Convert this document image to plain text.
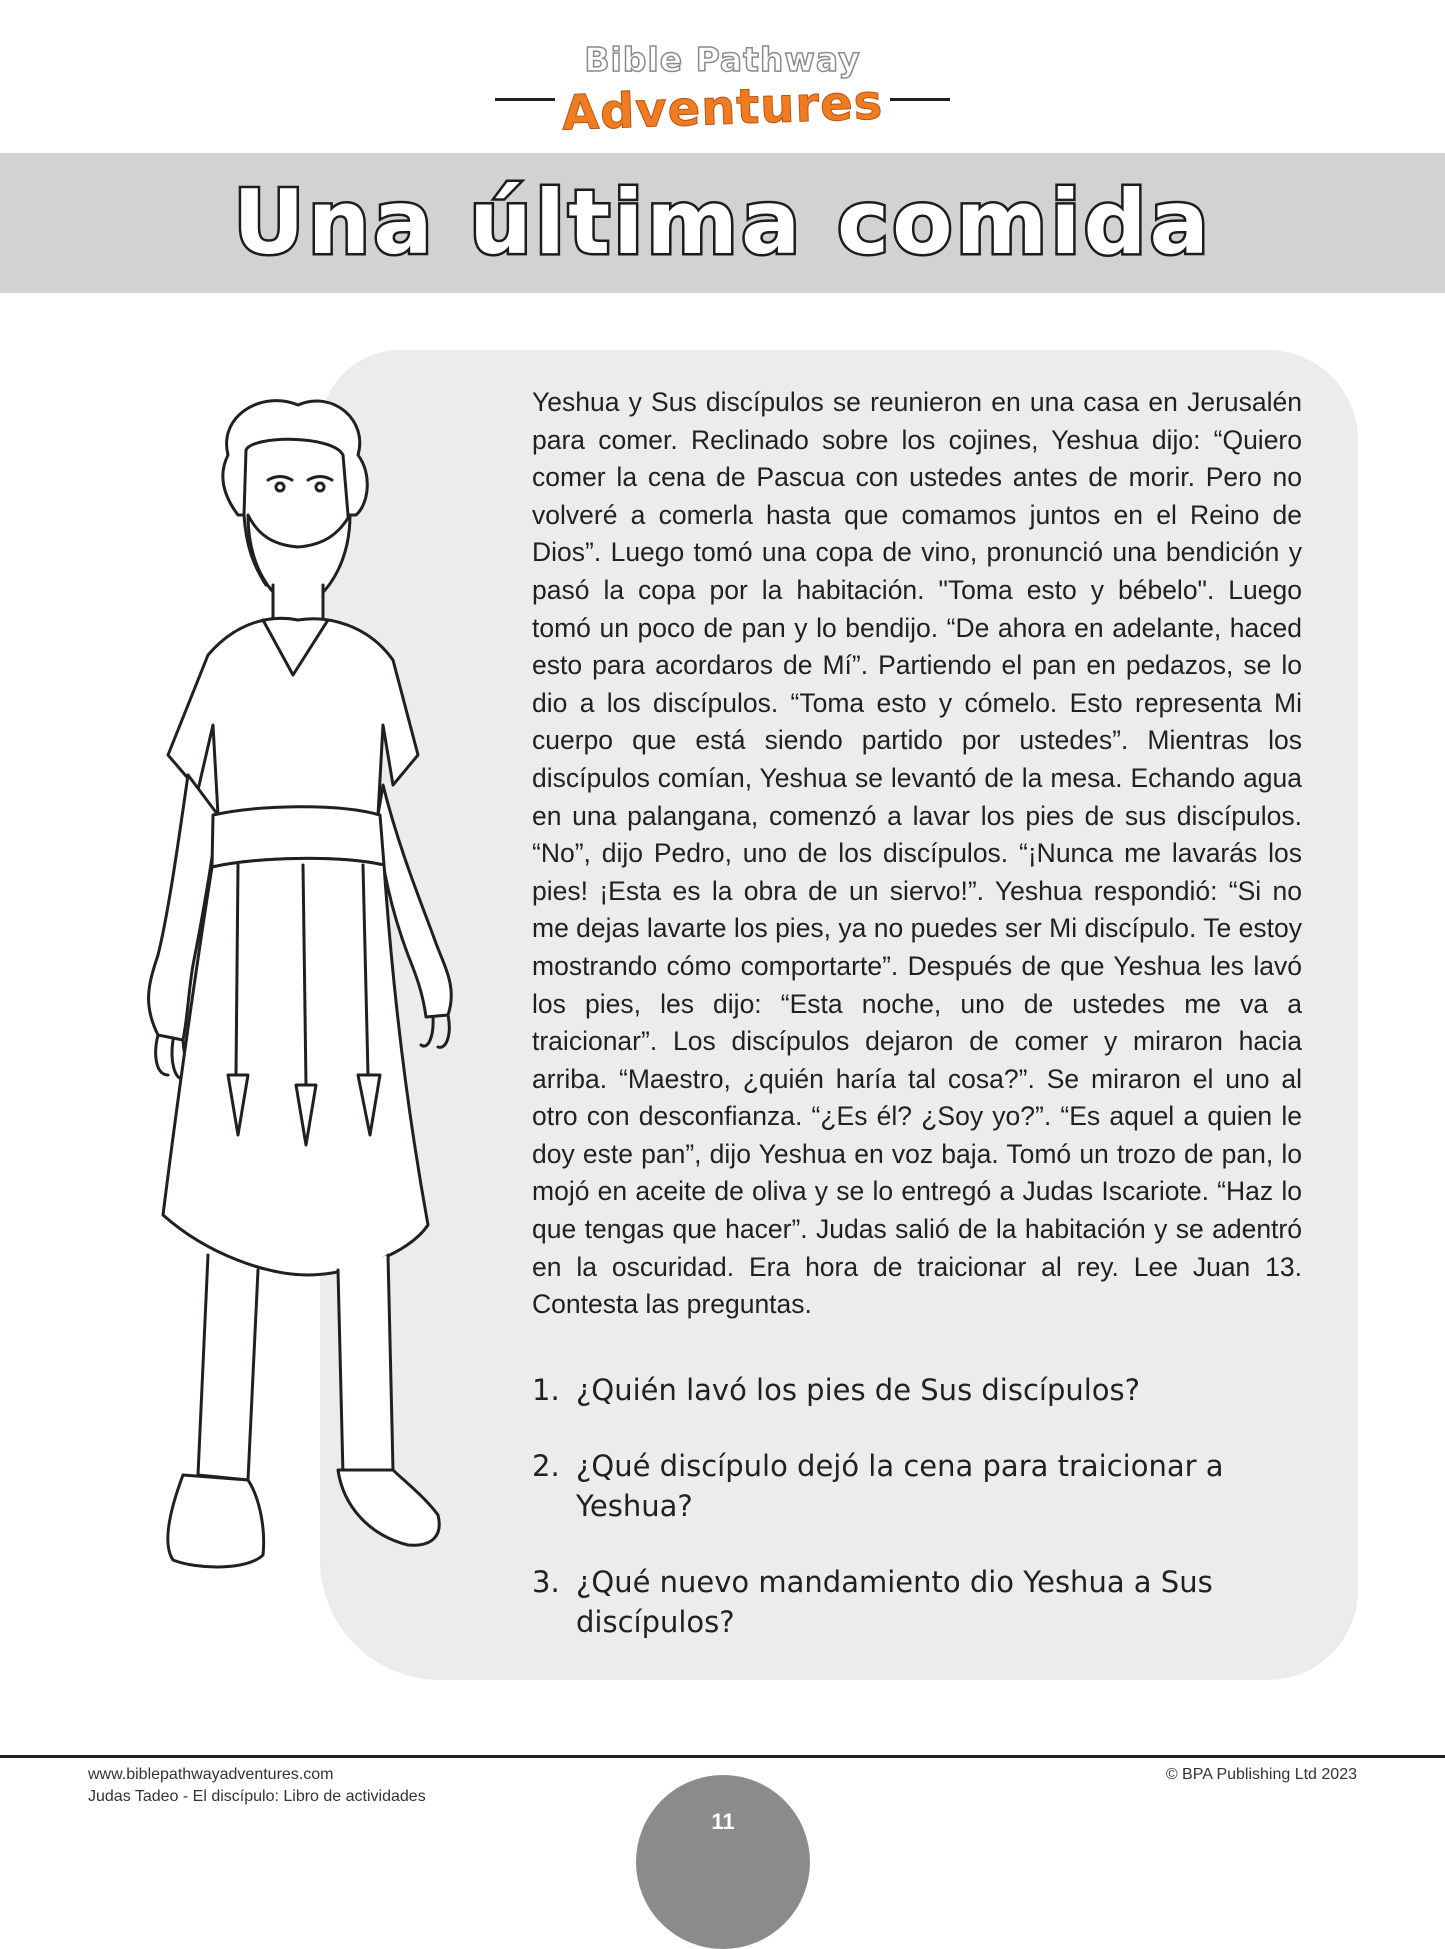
Bible Pathway
Adventures
Una última comida

Yeshua y Sus discípulos se reunieron en una casa en Jerusalén para comer. Reclinado sobre los cojines, Yeshua dijo: “Quiero comer la cena de Pascua con ustedes antes de morir. Pero no volveré a comerla hasta que comamos juntos en el Reino de Dios”. Luego tomó una copa de vino, pronunció una bendición y pasó la copa por la habitación. "Toma esto y bébelo". Luego tomó un poco de pan y lo bendijo. “De ahora en adelante, haced esto para acordaros de Mí”. Partiendo el pan en pedazos, se lo dio a los discípulos. “Toma esto y cómelo. Esto representa Mi cuerpo que está siendo partido por ustedes”. Mientras los discípulos comían, Yeshua se levantó de la mesa. Echando agua en una palangana, comenzó a lavar los pies de sus discípulos. “No”, dijo Pedro, uno de los discípulos. “¡Nunca me lavarás los pies! ¡Esta es la obra de un siervo!”. Yeshua respondió: “Si no me dejas lavarte los pies, ya no puedes ser Mi discípulo. Te estoy mostrando cómo comportarte”. Después de que Yeshua les lavó los pies, les dijo: “Esta noche, uno de ustedes me va a traicionar”. Los discípulos dejaron de comer y miraron hacia arriba. “Maestro, ¿quién haría tal cosa?”. Se miraron el uno al otro con desconfianza. “¿Es él? ¿Soy yo?”. “Es aquel a quien le doy este pan”, dijo Yeshua en voz baja. Tomó un trozo de pan, lo mojó en aceite de oliva y se lo entregó a Judas Iscariote. “Haz lo que tengas que hacer”. Judas salió de la habitación y se adentró en la oscuridad. Era hora de traicionar al rey. Lee Juan 13. Contesta las preguntas.

1. ¿Quién lavó los pies de Sus discípulos?
2. ¿Qué discípulo dejó la cena para traicionar a Yeshua?
3. ¿Qué nuevo mandamiento dio Yeshua a Sus discípulos?
www.biblepathwayadventures.com
Judas Tadeo - El discípulo: Libro de actividades
© BPA Publishing Ltd 2023
11
